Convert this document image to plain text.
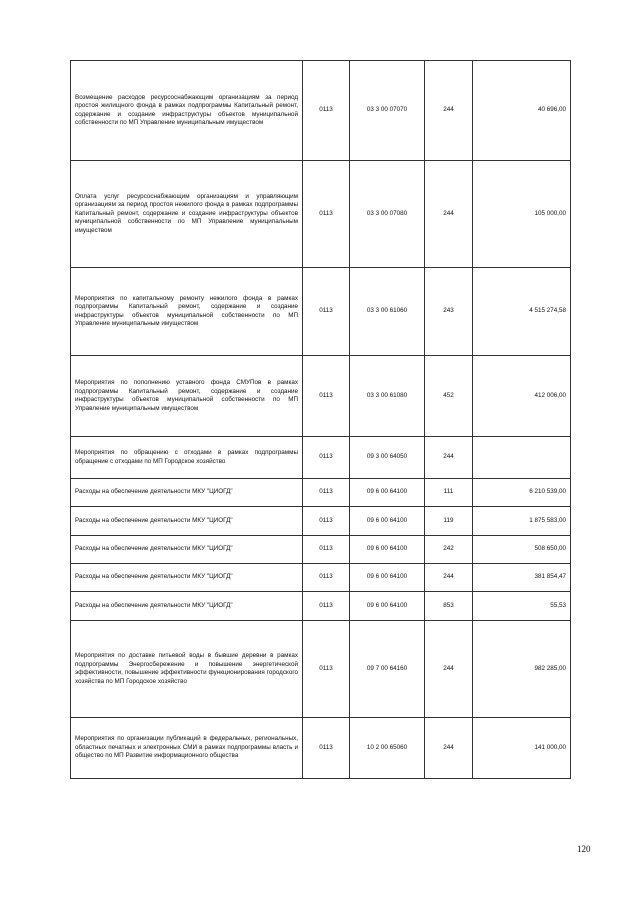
Возмещение расходов ресурсоснабжающим организациям за период простоя жилищного фонда в рамках подпрограммы Капитальный ремонт, содержание и создание инфраструктуры объектов муниципальной собственности по МП Управление муниципальным имуществом	0113	03 3 00 07070	244	40 696,00
Оплата услуг ресурсоснабжающим организациям и управляющим организациям за период простоя нежилого фонда в рамках подпрограммы Капитальный ремонт, содержание и создание инфраструктуры объектов муниципальной собственности по МП Управление муниципальным имуществом	0113	03 3 00 07080	244	105 000,00
Мероприятия по капитальному ремонту нежилого фонда в рамках подпрограммы Капитальный ремонт, содержание и создание инфраструктуры объектов муниципальной собственности по МП Управление муниципальным имуществом	0113	03 3 00 61060	243	4 515 274,58
Мероприятия по пополнению уставного фонда СМУПов в рамках подпрограммы Капитальный ремонт, содержание и создание инфраструктуры объектов муниципальной собственности по МП Управление муниципальным имуществом	0113	03 3 00 61080	452	412 006,00
Мероприятия по обращению с отходами в рамках подпрограммы обращение с отходами по МП Городское хозяйство	0113	09 3 00 64050	244	
Расходы на обеспечение деятельности МКУ "ЦИОГД"	0113	09 6 00 64100	111	6 210 539,00
Расходы на обеспечение деятельности МКУ "ЦИОГД"	0113	09 6 00 64100	119	1 875 583,00
Расходы на обеспечение деятельности МКУ "ЦИОГД"	0113	09 6 00 64100	242	508 650,00
Расходы на обеспечение деятельности МКУ "ЦИОГД"	0113	09 6 00 64100	244	381 854,47
Расходы на обеспечение деятельности МКУ "ЦИОГД"	0113	09 6 00 64100	853	55,53
Мероприятия по доставке питьевой воды в бывшие деревни в рамках подпрограммы Энергосбережение и повышение энергетической эффективности, повышение эффективности функционирования городского хозяйства по МП Городское хозяйство	0113	09 7 00 64160	244	982 285,00
Мероприятия по организации публикаций в федеральных, региональных, областных печатных и электронных СМИ в рамках подпрограммы власть и общество по МП Развитие информационного общества	0113	10 2 00 65060	244	141 000,00
120
